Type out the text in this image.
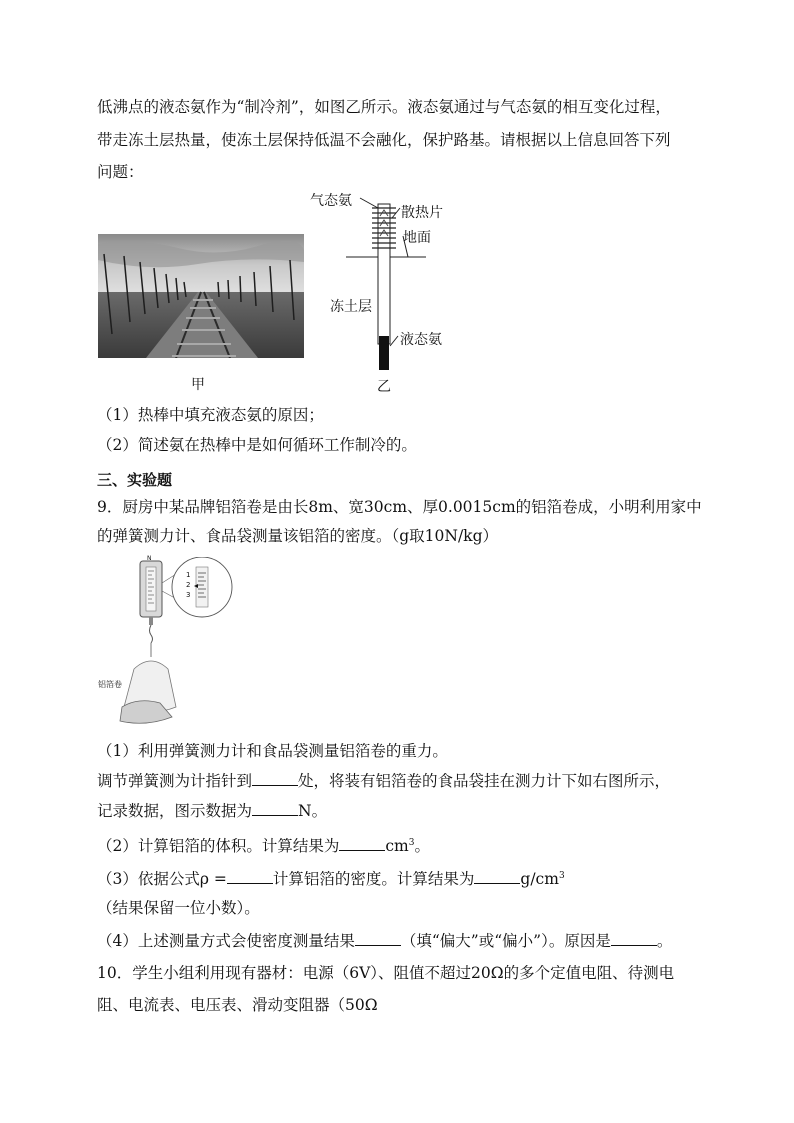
低沸点的液态氨作为“制冷剂”，如图乙所示。液态氨通过与气态氨的相互变化过程，
带走冻土层热量，使冻土层保持低温不会融化，保护路基。请根据以上信息回答下列
问题：
甲
气态氨
散热片
地面
冻土层
液态氨
乙
（1）热棒中填充液态氨的原因；
（2）简述氨在热棒中是如何循环工作制冷的。
三、实验题
9．厨房中某品牌铝箔卷是由长8m、宽30cm、厚0.0015cm的铝箔卷成，小明利用家中
的弹簧测力计、食品袋测量该铝箔的密度。（g取10N/kg）
N
1
2
3
铝箔卷
（1）利用弹簧测力计和食品袋测量铝箔卷的重力。
调节弹簧测为计指针到	处，将装有铝箔卷的食品袋挂在测力计下如右图所示，
记录数据，图示数据为	N。
（2）计算铝箔的体积。计算结果为	$cm^3$。
（3）依据公式ρ =	计算铝箔的密度。计算结果为	$g/cm^3$
（结果保留一位小数）。
（4）上述测量方式会使密度测量结果	（填“偏大”或“偏小”）。原因是	。
10．学生小组利用现有器材：电源（6V）、阻值不超过20Ω的多个定值电阻、待测电
阻、电流表、电压表、滑动变阻器（50Ω
